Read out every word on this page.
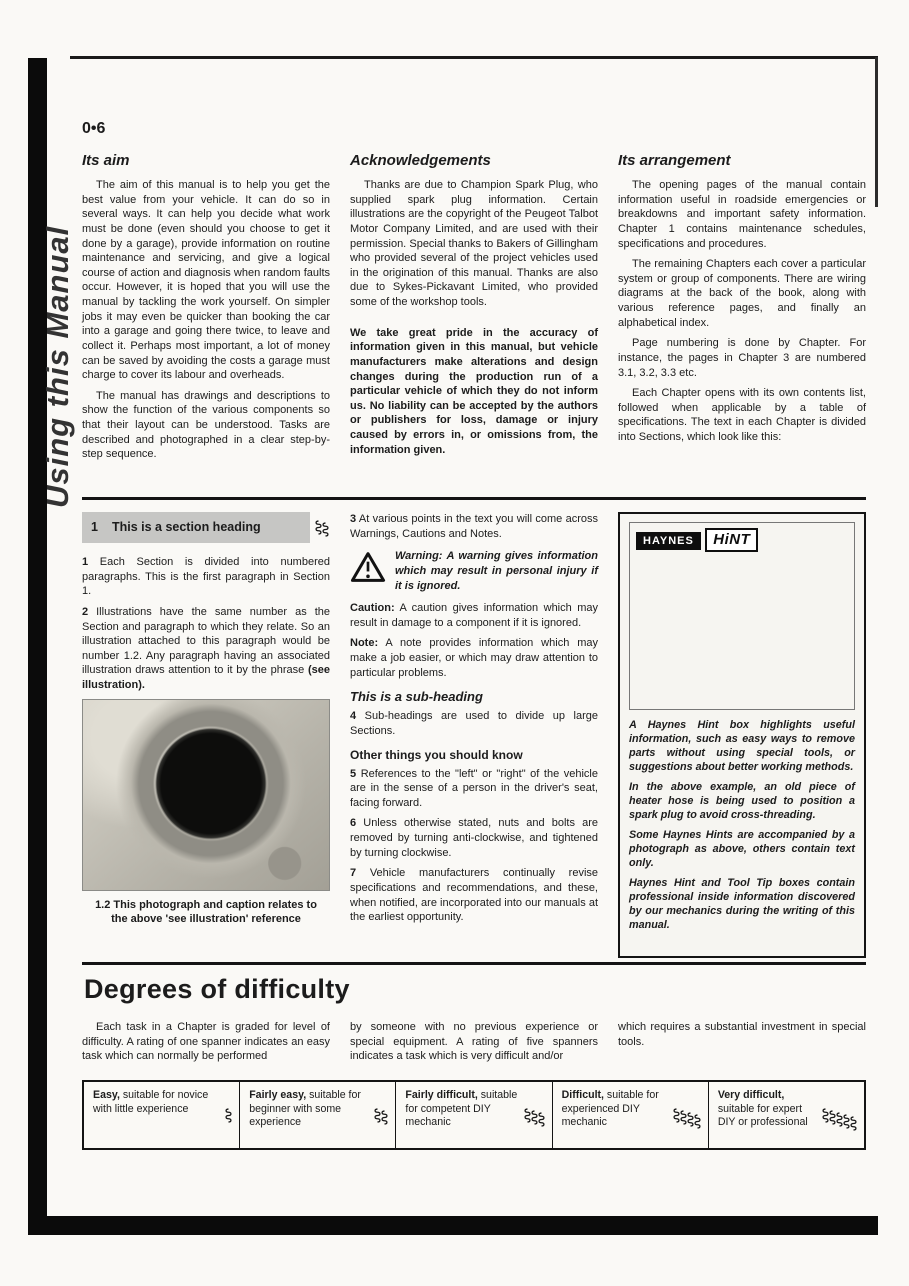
0•6
Using this Manual
Its aim

The aim of this manual is to help you get the best value from your vehicle. It can do so in several ways. It can help you decide what work must be done (even should you choose to get it done by a garage), provide information on routine maintenance and servicing, and give a logical course of action and diagnosis when random faults occur. However, it is hoped that you will use the manual by tackling the work yourself. On simpler jobs it may even be quicker than booking the car into a garage and going there twice, to leave and collect it. Perhaps most important, a lot of money can be saved by avoiding the costs a garage must charge to cover its labour and overheads.

The manual has drawings and descriptions to show the function of the various components so that their layout can be understood. Tasks are described and photographed in a clear step-by-step sequence.

Acknowledgements

Thanks are due to Champion Spark Plug, who supplied spark plug information. Certain illustrations are the copyright of the Peugeot Talbot Motor Company Limited, and are used with their permission. Special thanks to Bakers of Gillingham who provided several of the project vehicles used in the origination of this manual. Thanks are also due to Sykes-Pickavant Limited, who provided some of the workshop tools.

We take great pride in the accuracy of information given in this manual, but vehicle manufacturers make alterations and design changes during the production run of a particular vehicle of which they do not inform us. No liability can be accepted by the authors or publishers for loss, damage or injury caused by errors in, or omissions from, the information given.

Its arrangement

The opening pages of the manual contain information useful in roadside emergencies or breakdowns and important safety information. Chapter 1 contains maintenance schedules, specifications and procedures.

The remaining Chapters each cover a particular system or group of components. There are wiring diagrams at the back of the book, along with various reference pages, and finally an alphabetical index.

Page numbering is done by Chapter. For instance, the pages in Chapter 3 are numbered 3.1, 3.2, 3.3 etc.

Each Chapter opens with its own contents list, followed when applicable by a table of specifications. The text in each Chapter is divided into Sections, which look like this:

1 This is a section heading

1 Each Section is divided into numbered paragraphs. This is the first paragraph in Section 1.

2 Illustrations have the same number as the Section and paragraph to which they relate. So an illustration attached to this paragraph would be number 1.2. Any paragraph having an associated illustration draws attention to it by the phrase (see illustration).

1.2 This photograph and caption relates to the above 'see illustration' reference

3 At various points in the text you will come across Warnings, Cautions and Notes.

Warning: A warning gives information which may result in personal injury if it is ignored.

Caution: A caution gives information which may result in damage to a component if it is ignored.

Note: A note provides information which may make a job easier, or which may draw attention to particular problems.

This is a sub-heading

4 Sub-headings are used to divide up large Sections.

Other things you should know

5 References to the "left" or "right" of the vehicle are in the sense of a person in the driver's seat, facing forward.

6 Unless otherwise stated, nuts and bolts are removed by turning anti-clockwise, and tightened by turning clockwise.

7 Vehicle manufacturers continually revise specifications and recommendations, and these, when notified, are incorporated into our manuals at the earliest opportunity.

HAYNES HiNT

A Haynes Hint box highlights useful information, such as easy ways to remove parts without using special tools, or suggestions about better working methods.

In the above example, an old piece of heater hose is being used to position a spark plug to avoid cross-threading.

Some Haynes Hints are accompanied by a photograph as above, others contain text only.

Haynes Hint and Tool Tip boxes contain professional inside information discovered by our mechanics during the writing of this manual.

Degrees of difficulty

Each task in a Chapter is graded for level of difficulty. A rating of one spanner indicates an easy task which can normally be performed

by someone with no previous experience or special equipment. A rating of five spanners indicates a task which is very difficult and/or

which requires a substantial investment in special tools.

Easy, suitable for novice with little experience

Fairly easy, suitable for beginner with some experience

Fairly difficult, suitable for competent DIY mechanic

Difficult, suitable for experienced DIY mechanic

Very difficult, suitable for expert DIY or professional
